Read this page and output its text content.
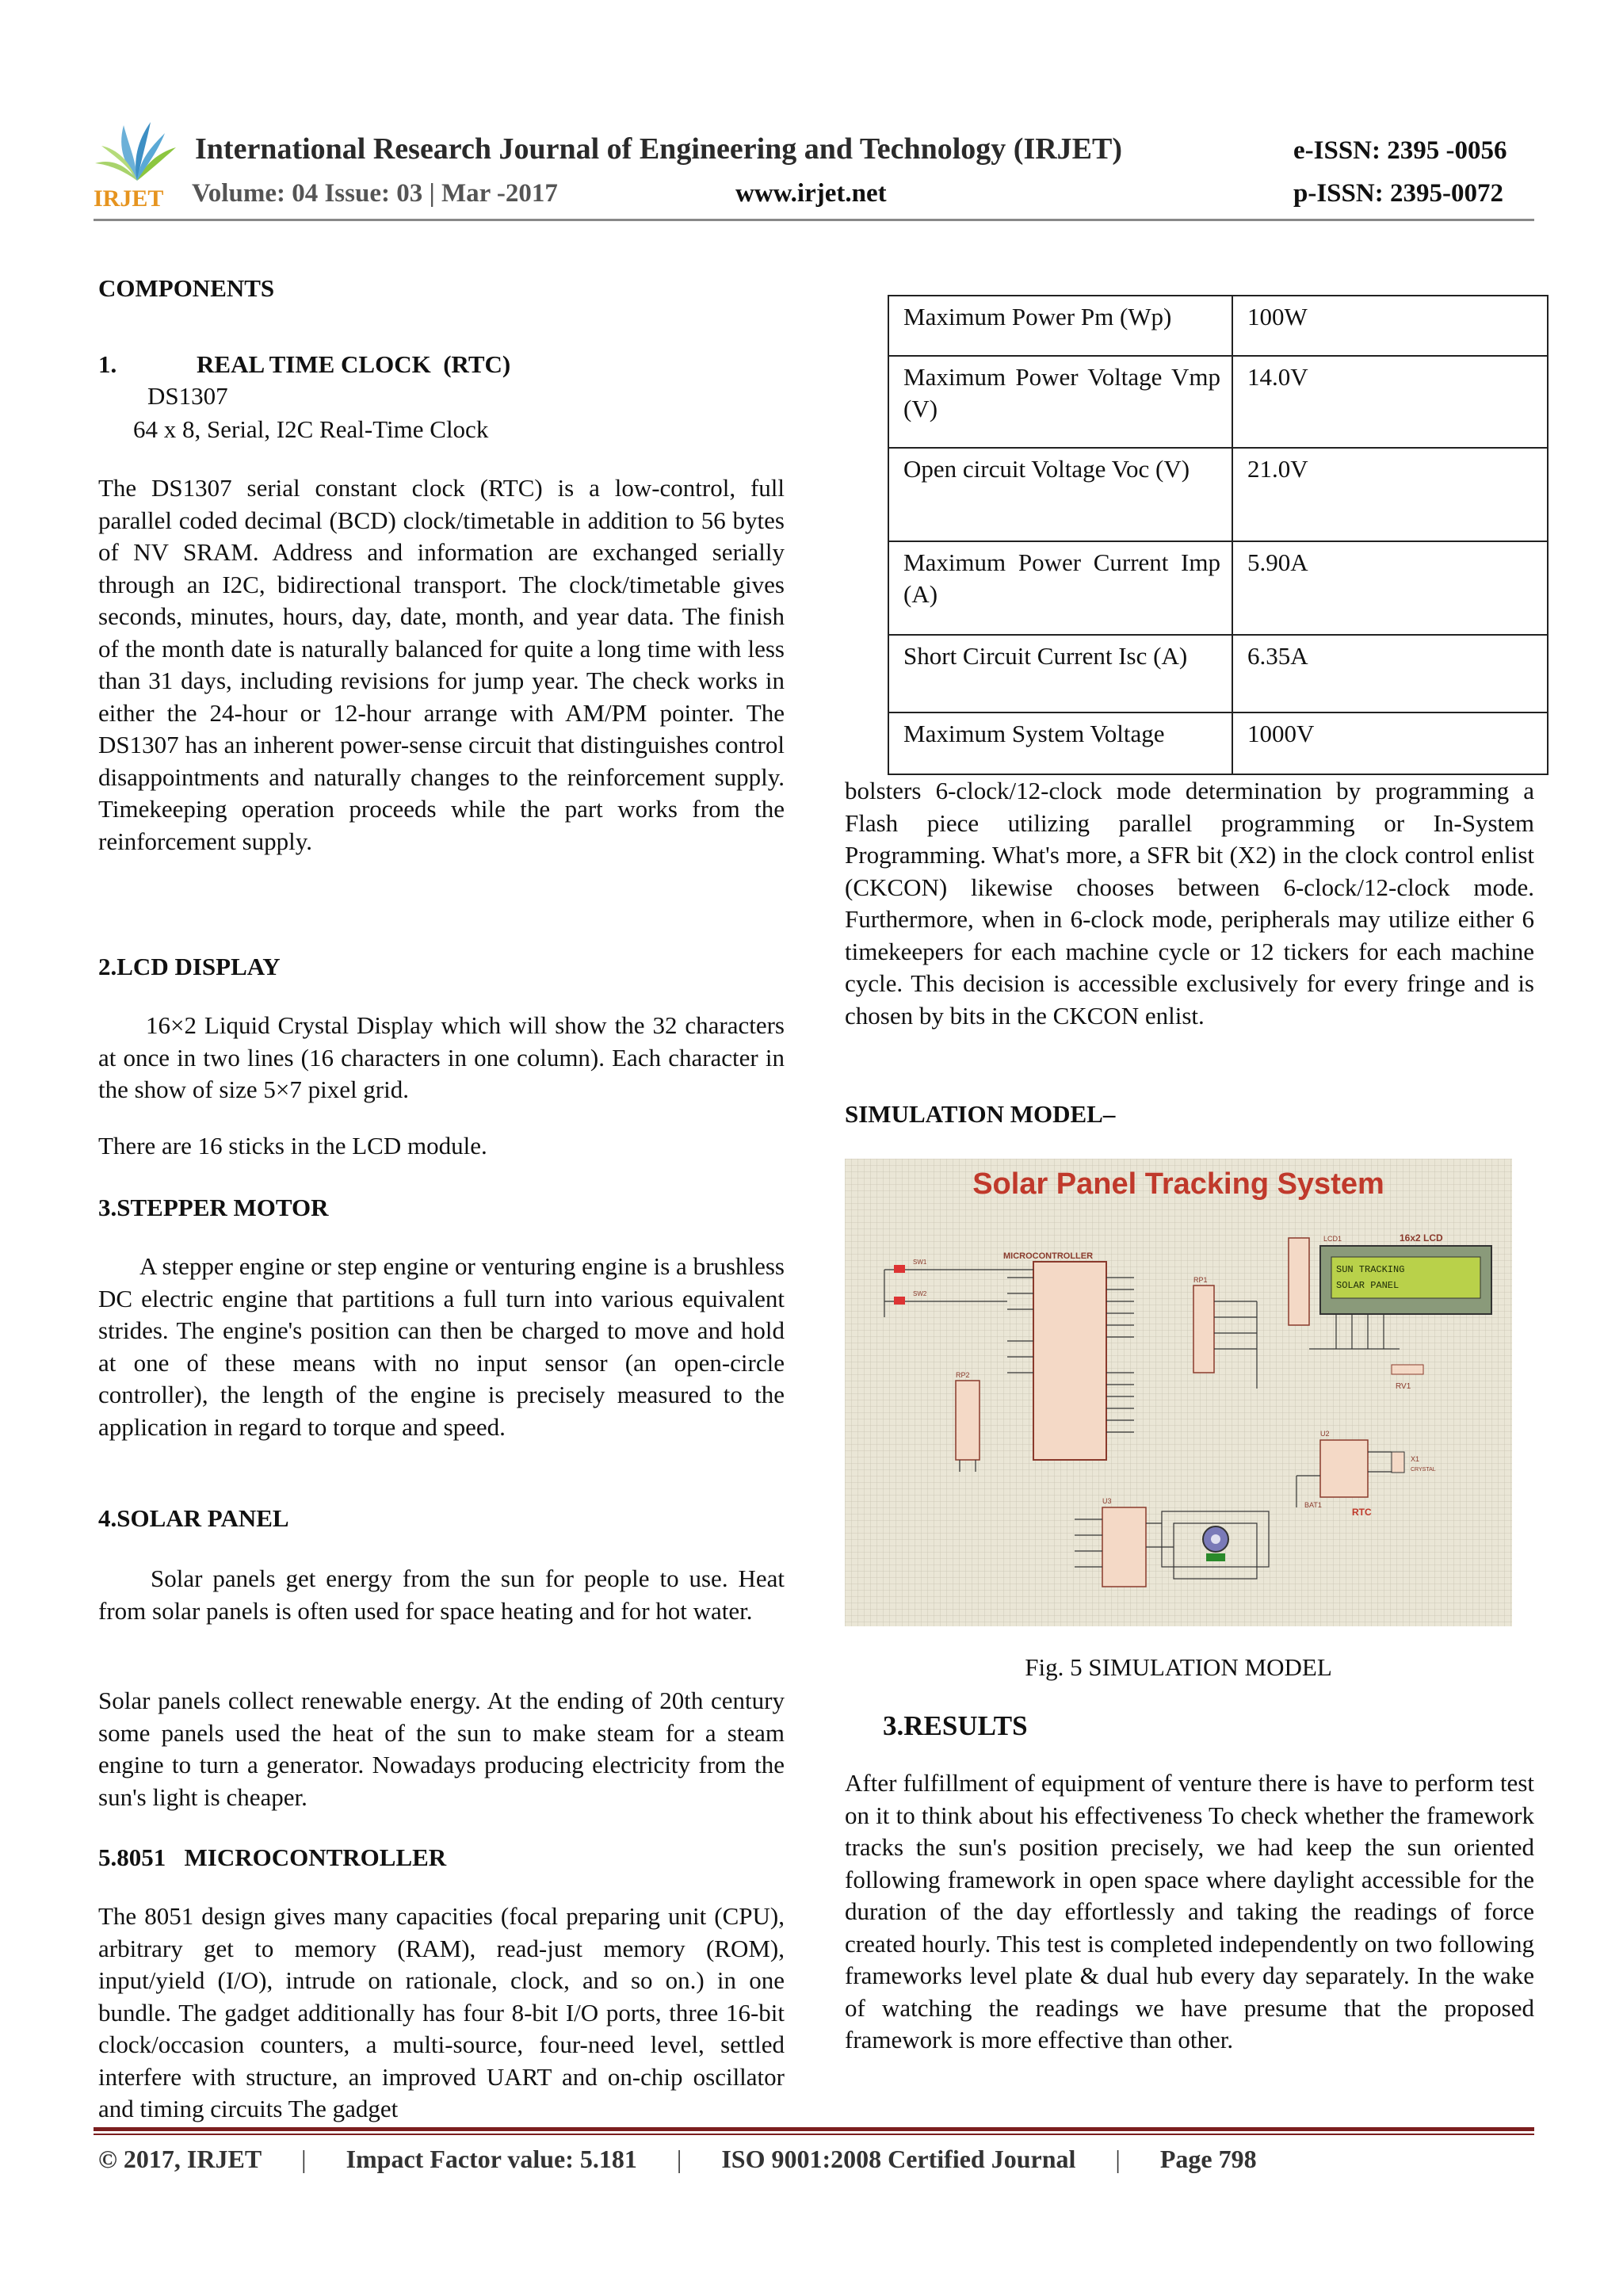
IRJET
International Research Journal of Engineering and Technology (IRJET)	e-ISSN: 2395 -0056
Volume: 04 Issue: 03 | Mar -2017	www.irjet.net	p-ISSN: 2395-0072
COMPONENTS
1.	REAL TIME CLOCK  (RTC)
DS1307
64 x 8, Serial, I2C Real-Time Clock
The DS1307 serial constant clock (RTC) is a low-control, full parallel coded decimal (BCD) clock/timetable in addition to 56 bytes of NV SRAM. Address and information are exchanged serially through an I2C, bidirectional transport. The clock/timetable gives seconds, minutes, hours, day, date, month, and year data. The finish of the month date is naturally balanced for quite a long time with less than 31 days, including revisions for jump year. The check works in either the 24-hour or 12-hour arrange with AM/PM pointer. The DS1307 has an inherent power-sense circuit that distinguishes control disappointments and naturally changes to the reinforcement supply. Timekeeping operation proceeds while the part works from the reinforcement supply.
2.LCD DISPLAY
16×2 Liquid Crystal Display which will show the 32 characters at once in two lines (16 characters in one column). Each character in the show of size 5×7 pixel grid.
There are 16 sticks in the LCD module.
3.STEPPER MOTOR
A stepper engine or step engine or venturing engine is a brushless DC electric engine that partitions a full turn into various equivalent strides. The engine's position can then be charged to move and hold at one of these means with no input sensor (an open-circle controller), the length of the engine is precisely measured to the application in regard to torque and speed.
4.SOLAR PANEL
Solar panels get energy from the sun for people to use. Heat from solar panels is often used for space heating and for hot water.
Solar panels collect renewable energy. At the ending of 20th century some panels used the heat of the sun to make steam for a steam engine to turn a generator. Nowadays producing electricity from the sun's light is cheaper.
5.8051   MICROCONTROLLER
The 8051 design gives many capacities (focal preparing unit (CPU), arbitrary get to memory (RAM), read-just memory (ROM), input/yield (I/O), intrude on rationale, clock, and so on.) in one bundle. The gadget additionally has four 8-bit I/O ports, three 16-bit clock/occasion counters, a multi-source, four-need level, settled interfere with structure, an improved UART and on-chip oscillator and timing circuits The gadget
Maximum Power Pm (Wp)	100W
Maximum Power Voltage Vmp (V)	14.0V
Open circuit Voltage Voc (V)	21.0V
Maximum Power Current Imp (A)	5.90A
Short Circuit Current Isc (A)	6.35A
Maximum System Voltage	1000V
bolsters 6-clock/12-clock mode determination by programming a Flash piece utilizing parallel programming or In-System Programming. What's more, a SFR bit (X2) in the clock control enlist (CKCON) likewise chooses between 6-clock/12-clock mode. Furthermore, when in 6-clock mode, peripherals may utilize either 6 timekeepers for each machine cycle or 12 tickers for each machine cycle. This decision is accessible exclusively for every fringe and is chosen by bits in the CKCON enlist.
SIMULATION MODEL–
Solar Panel Tracking System
MICROCONTROLLER
SW1
SW2
RP2
RP1
SUN TRACKING
SOLAR PANEL
16x2 LCD
LCD1
RV1
U2
X1
CRYSTAL
BAT1
RTC
U3
Fig. 5 SIMULATION MODEL
3.RESULTS
After fulfillment of equipment of venture there is have to perform test on it to think about his effectiveness To check whether the framework tracks the sun's position precisely, we had keep the sun oriented following framework in open space where daylight accessible for the duration of the day effortlessly and taking the readings of force created hourly. This test is completed independently on two following frameworks level plate & dual hub every day separately. In the wake of watching the readings we have presume that the proposed framework is more effective than other.
© 2017, IRJET | Impact Factor value: 5.181 | ISO 9001:2008 Certified Journal | Page 798
